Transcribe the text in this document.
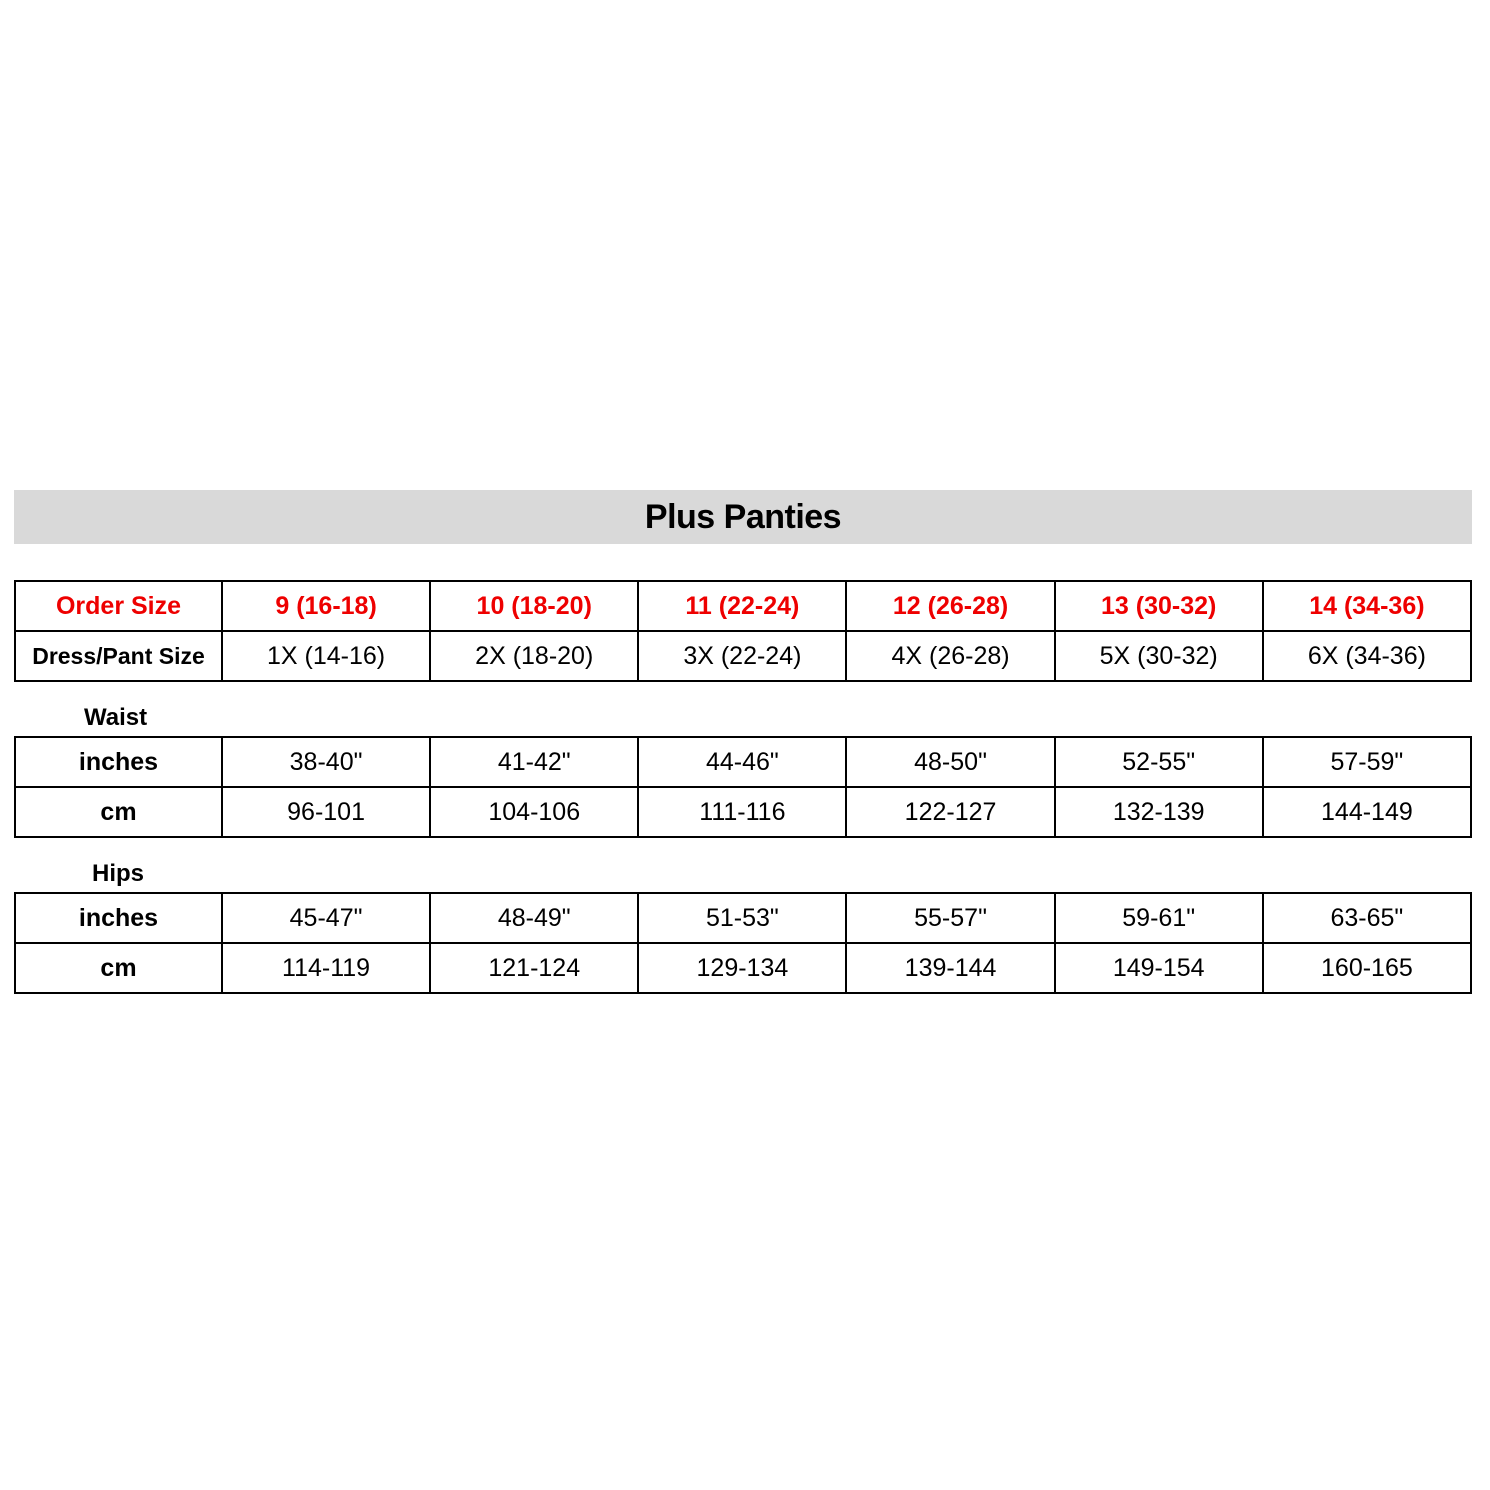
Plus Panties
Order Size	9 (16-18)	10 (18-20)	11 (22-24)	12 (26-28)	13 (30-32)	14 (34-36)
Dress/Pant Size	1X (14-16)	2X (18-20)	3X (22-24)	4X (26-28)	5X (30-32)	6X (34-36)
Waist
inches	38-40"	41-42"	44-46"	48-50"	52-55"	57-59"
cm	96-101	104-106	111-116	122-127	132-139	144-149
Hips
inches	45-47"	48-49"	51-53"	55-57"	59-61"	63-65"
cm	114-119	121-124	129-134	139-144	149-154	160-165
